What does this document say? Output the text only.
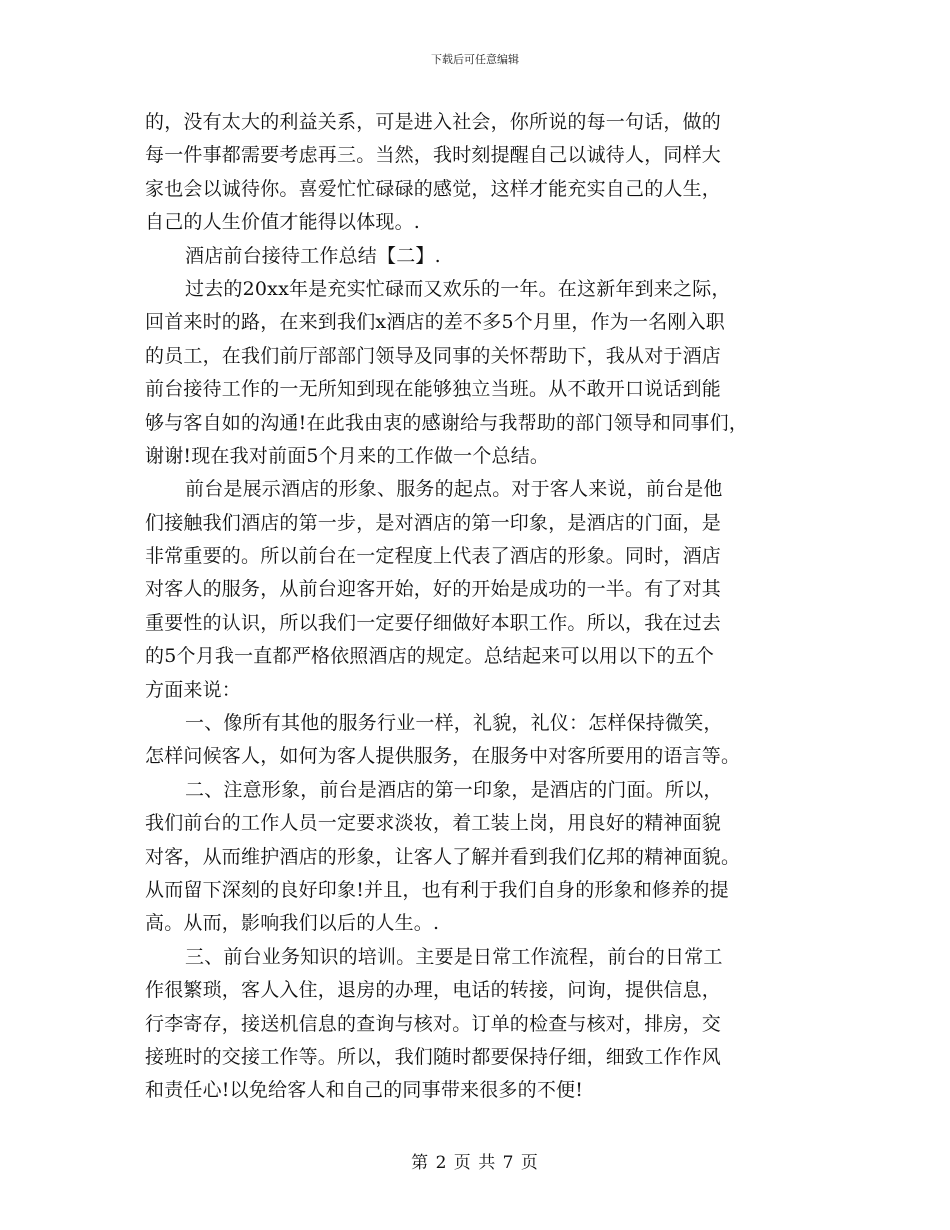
下载后可任意编辑
的，没有太大的利益关系，可是进入社会，你所说的每一句话，做的
每一件事都需要考虑再三。当然，我时刻提醒自己以诚待人，同样大
家也会以诚待你。喜爱忙忙碌碌的感觉，这样才能充实自己的人生，
自己的人生价值才能得以体现。.
酒店前台接待工作总结【二】.
过去的20xx年是充实忙碌而又欢乐的一年。在这新年到来之际，
回首来时的路，在来到我们x酒店的差不多5个月里，作为一名刚入职
的员工，在我们前厅部部门领导及同事的关怀帮助下，我从对于酒店
前台接待工作的一无所知到现在能够独立当班。从不敢开口说话到能
够与客自如的沟通!在此我由衷的感谢给与我帮助的部门领导和同事们，
谢谢!现在我对前面5个月来的工作做一个总结。
前台是展示酒店的形象、服务的起点。对于客人来说，前台是他
们接触我们酒店的第一步，是对酒店的第一印象，是酒店的门面，是
非常重要的。所以前台在一定程度上代表了酒店的形象。同时，酒店
对客人的服务，从前台迎客开始，好的开始是成功的一半。有了对其
重要性的认识，所以我们一定要仔细做好本职工作。所以，我在过去
的5个月我一直都严格依照酒店的规定。总结起来可以用以下的五个
方面来说：
一、像所有其他的服务行业一样，礼貌，礼仪：怎样保持微笑，
怎样问候客人，如何为客人提供服务，在服务中对客所要用的语言等。
二、注意形象，前台是酒店的第一印象，是酒店的门面。所以，
我们前台的工作人员一定要求淡妆，着工装上岗，用良好的精神面貌
对客，从而维护酒店的形象，让客人了解并看到我们亿邦的精神面貌。
从而留下深刻的良好印象!并且，也有利于我们自身的形象和修养的提
高。从而，影响我们以后的人生。.
三、前台业务知识的培训。主要是日常工作流程，前台的日常工
作很繁琐，客人入住，退房的办理，电话的转接，问询，提供信息，
行李寄存，接送机信息的查询与核对。订单的检查与核对，排房，交
接班时的交接工作等。所以，我们随时都要保持仔细，细致工作作风
和责任心!以免给客人和自己的同事带来很多的不便!
第 2 页 共 7 页
